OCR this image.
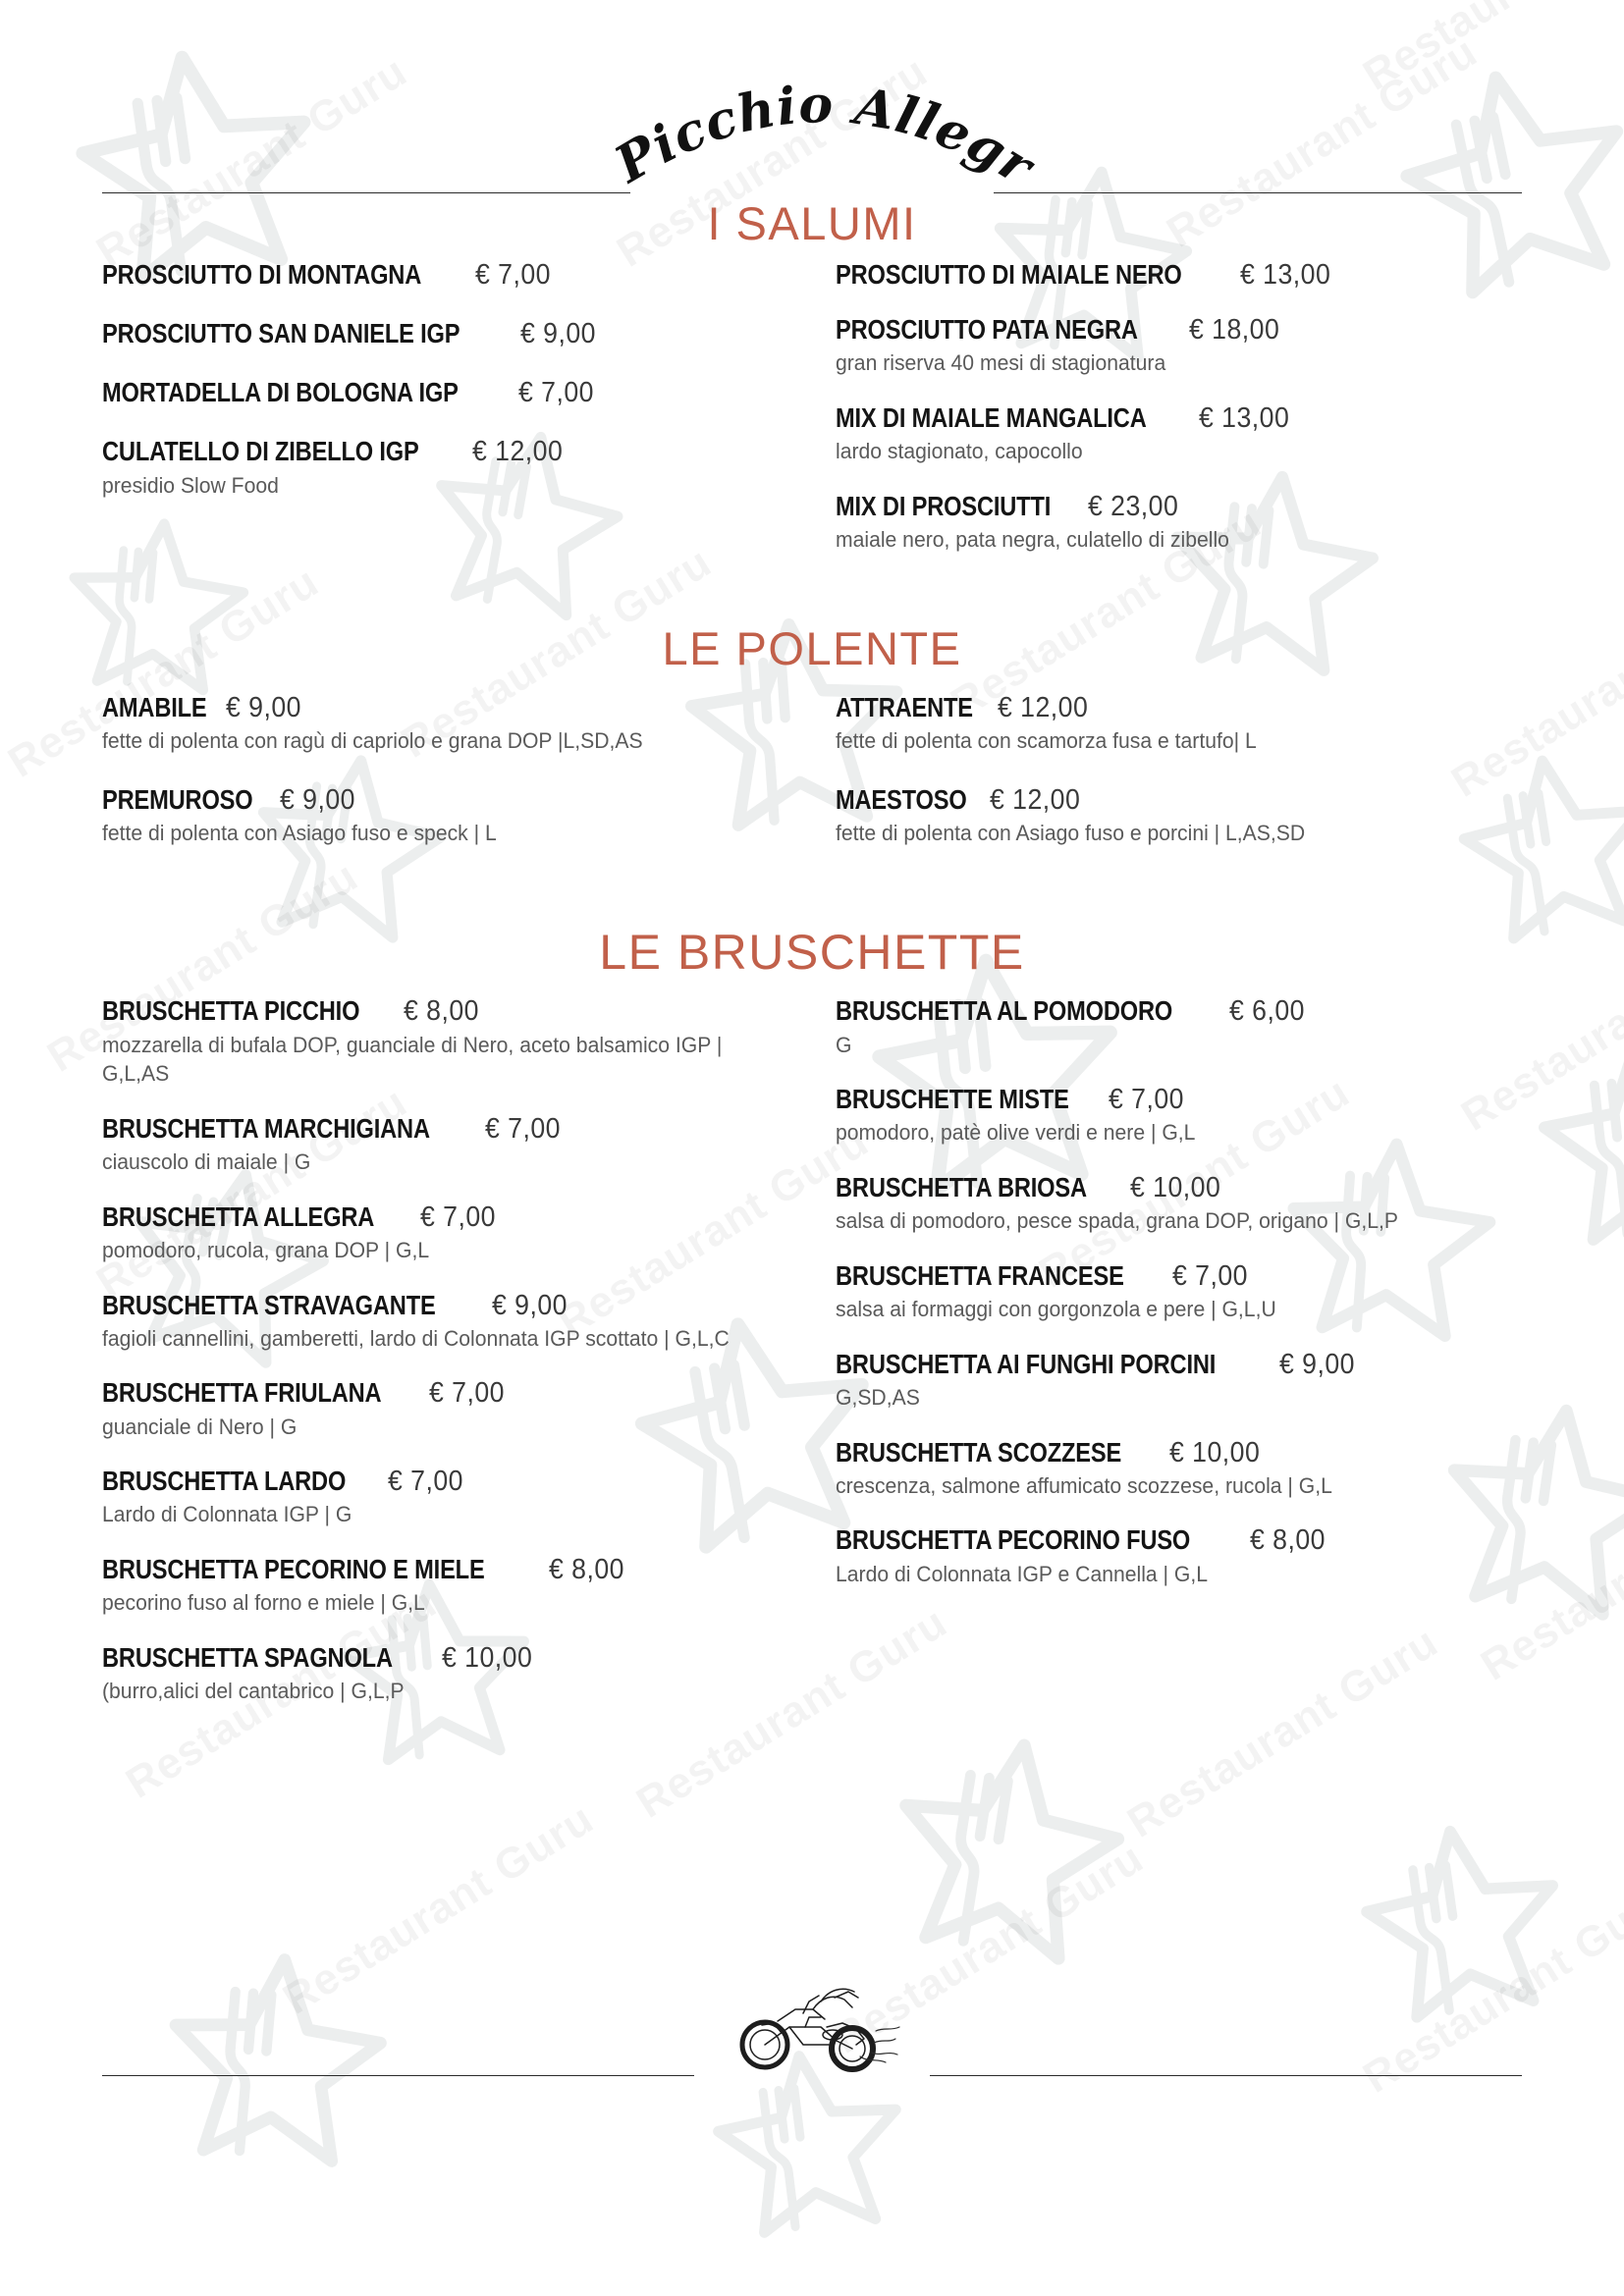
Il Picchio Allegro
I SALUMI
PROSCIUTTO DI MONTAGNA € 7,00
PROSCIUTTO SAN DANIELE IGP € 9,00
MORTADELLA DI BOLOGNA IGP € 7,00
CULATELLO DI ZIBELLO IGP € 12,00
presidio Slow Food
PROSCIUTTO DI MAIALE NERO € 13,00
PROSCIUTTO PATA NEGRA € 18,00
gran riserva 40 mesi di stagionatura
MIX DI MAIALE MANGALICA € 13,00
lardo stagionato, capocollo
MIX DI PROSCIUTTI € 23,00
maiale nero, pata negra, culatello di zibello
LE POLENTE
AMABILE € 9,00
fette di polenta con ragù di capriolo e grana DOP |L,SD,AS
PREMUROSO € 9,00
fette di polenta con Asiago fuso e speck | L
ATTRAENTE € 12,00
fette di polenta con scamorza fusa e tartufo| L
MAESTOSO € 12,00
fette di polenta con Asiago fuso e porcini | L,AS,SD
LE BRUSCHETTE
BRUSCHETTA PICCHIO € 8,00
mozzarella di bufala DOP, guanciale di Nero, aceto balsamico IGP | G,L,AS
BRUSCHETTA MARCHIGIANA € 7,00
ciauscolo di maiale | G
BRUSCHETTA ALLEGRA € 7,00
pomodoro, rucola, grana DOP | G,L
BRUSCHETTA STRAVAGANTE € 9,00
fagioli cannellini, gamberetti, lardo di Colonnata IGP scottato | G,L,C
BRUSCHETTA FRIULANA € 7,00
guanciale di Nero | G
BRUSCHETTA LARDO € 7,00
Lardo di Colonnata IGP | G
BRUSCHETTA PECORINO E MIELE € 8,00
pecorino fuso al forno e miele | G,L
BRUSCHETTA SPAGNOLA € 10,00
(burro,alici del cantabrico | G,L,P
BRUSCHETTA AL POMODORO € 6,00
G
BRUSCHETTE MISTE € 7,00
pomodoro, patè olive verdi e nere | G,L
BRUSCHETTA BRIOSA € 10,00
salsa di pomodoro, pesce spada, grana DOP, origano | G,L,P
BRUSCHETTA FRANCESE € 7,00
salsa ai formaggi con gorgonzola e pere | G,L,U
BRUSCHETTA AI FUNGHI PORCINI € 9,00
G,SD,AS
BRUSCHETTA SCOZZESE € 10,00
crescenza, salmone affumicato scozzese, rucola | G,L
BRUSCHETTA PECORINO FUSO € 8,00
Lardo di Colonnata IGP e Cannella | G,L
